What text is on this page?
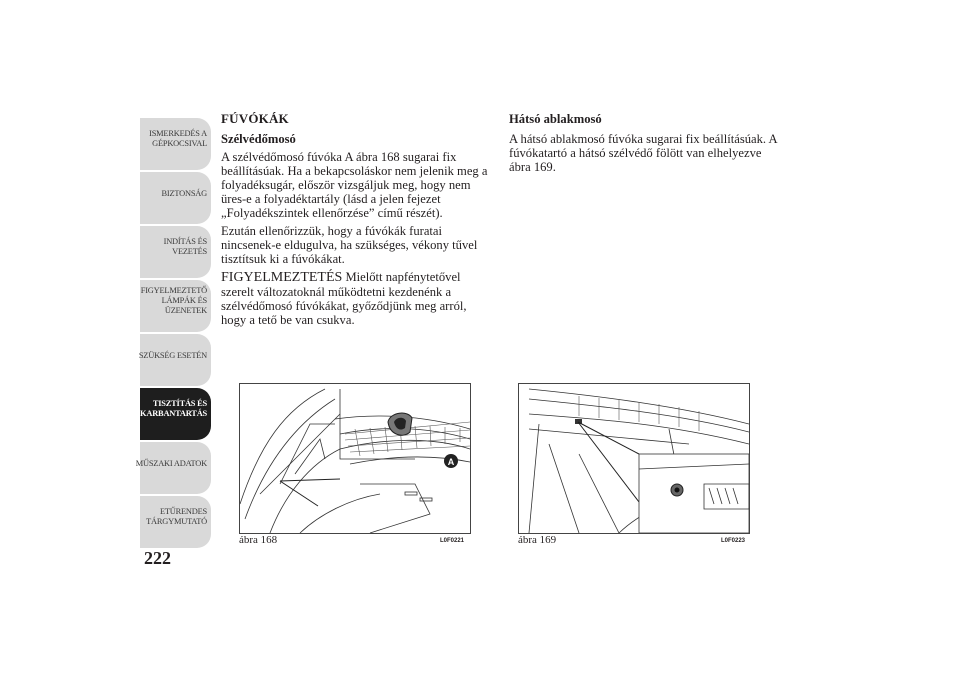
ISMERKEDÉS A
GÉPKOCSIVAL
BIZTONSÁG
INDÍTÁS ÉS
VEZETÉS
FIGYELMEZTETŐ
LÁMPÁK ÉS
ÜZENETEK
SZÜKSÉG ESETÉN
TISZTÍTÁS ÉS
KARBANTARTÁS
MŰSZAKI ADATOK
ETŰRENDES
TÁRGYMUTATÓ
222

FÚVÓKÁK

Szélvédőmosó

A szélvédőmosó fúvóka A ábra 168 sugarai fix beállításúak. Ha a bekapcsoláskor nem jelenik meg a folyadéksugár, először vizsgáljuk meg, hogy nem üres-e a folyadéktartály (lásd a jelen fejezet „Folyadékszintek ellenőrzése” című részét).

Ezután ellenőrizzük, hogy a fúvókák furatai nincsenek-e eldugulva, ha szükséges, vékony tűvel tisztítsuk ki a fúvókákat.

FIGYELMEZTETÉS Mielőtt napfénytetővel szerelt változatoknál működtetni kezdenénk a szélvédőmosó fúvókákat, győződjünk meg arról, hogy a tető be van csukva.

Hátsó ablakmosó

A hátsó ablakmosó fúvóka sugarai fix beállításúak. A fúvókatartó a hátsó szélvédő fölött van elhelyezve ábra 169.

A
ábra 168	L0F0221	ábra 169	L0F0223
